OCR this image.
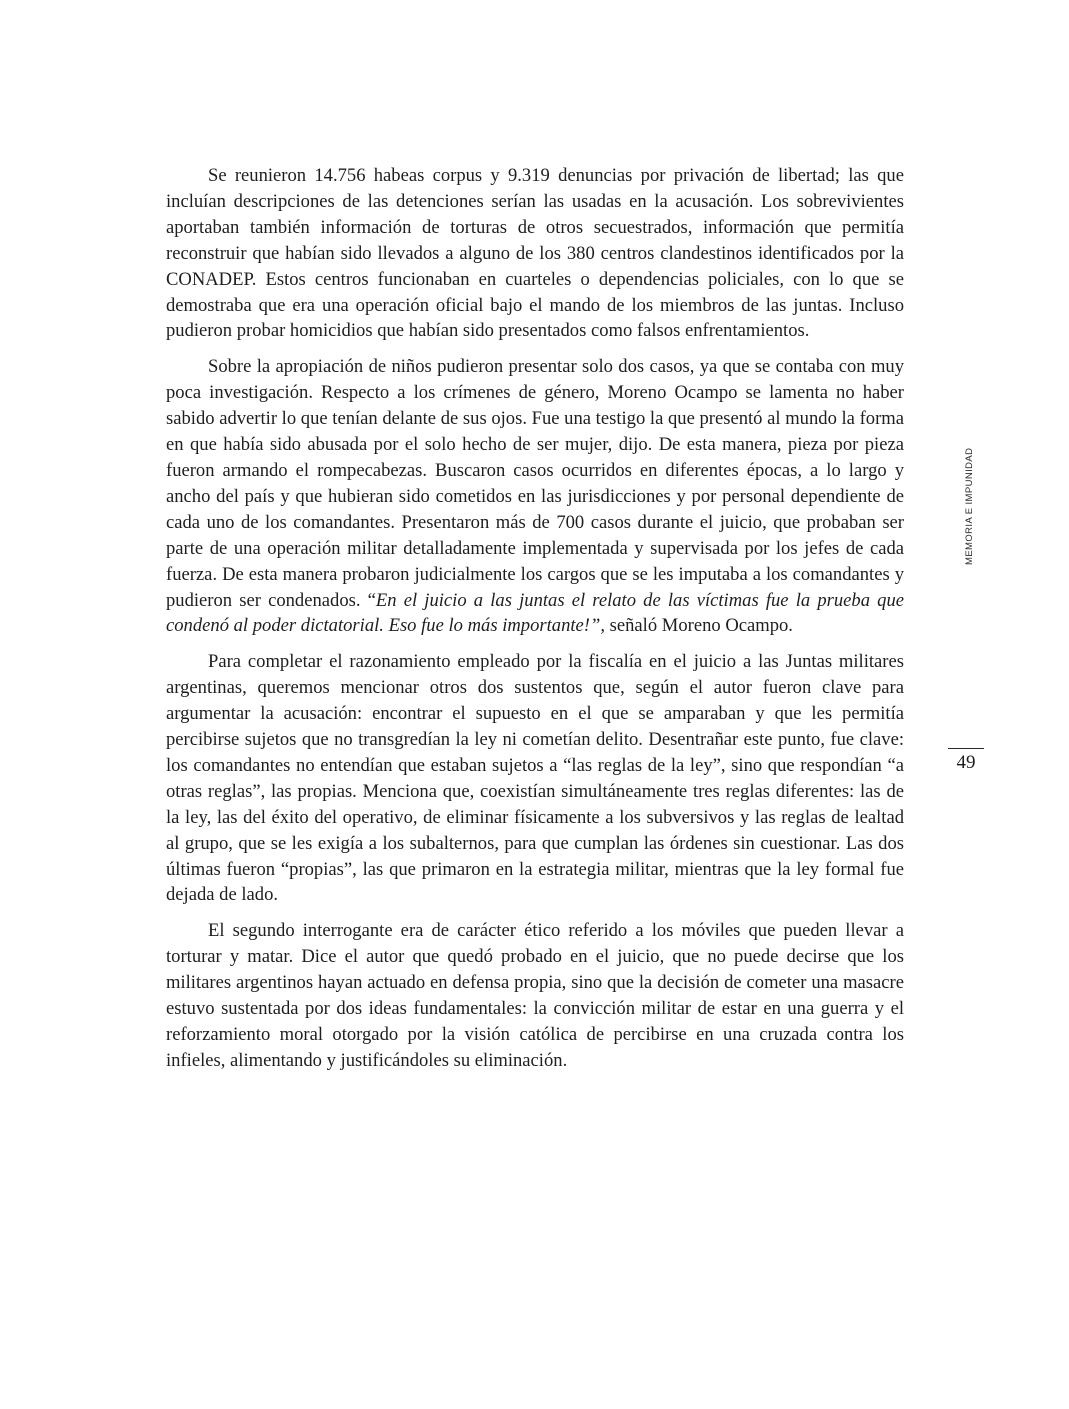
Se reunieron 14.756 habeas corpus y 9.319 denuncias por privación de libertad; las que incluían descripciones de las detenciones serían las usadas en la acusación. Los sobrevivientes aportaban también información de torturas de otros secuestrados, información que permitía reconstruir que habían sido llevados a alguno de los 380 centros clandestinos identificados por la CONADEP. Estos centros funcionaban en cuarteles o dependencias policiales, con lo que se demostraba que era una operación oficial bajo el mando de los miembros de las juntas. Incluso pudieron probar homicidios que habían sido presentados como falsos enfrentamientos.

Sobre la apropiación de niños pudieron presentar solo dos casos, ya que se contaba con muy poca investigación. Respecto a los crímenes de género, Moreno Ocampo se lamenta no haber sabido advertir lo que tenían delante de sus ojos. Fue una testigo la que presentó al mundo la forma en que había sido abusada por el solo hecho de ser mujer, dijo. De esta manera, pieza por pieza fueron armando el rompecabezas. Buscaron casos ocurridos en diferentes épocas, a lo largo y ancho del país y que hubieran sido cometidos en las jurisdicciones y por personal dependiente de cada uno de los comandantes. Presentaron más de 700 casos durante el juicio, que probaban ser parte de una operación militar detalladamente implementada y supervisada por los jefes de cada fuerza. De esta manera probaron judicialmente los cargos que se les imputaba a los comandantes y pudieron ser condenados. “En el juicio a las juntas el relato de las víctimas fue la prueba que condenó al poder dictatorial. Eso fue lo más importante!”, señaló Moreno Ocampo.

Para completar el razonamiento empleado por la fiscalía en el juicio a las Juntas militares argentinas, queremos mencionar otros dos sustentos que, según el autor fueron clave para argumentar la acusación: encontrar el supuesto en el que se amparaban y que les permitía percibirse sujetos que no transgredían la ley ni cometían delito. Desentrañar este punto, fue clave: los comandantes no entendían que estaban sujetos a “las reglas de la ley”, sino que respondían “a otras reglas”, las propias. Menciona que, coexistían simultáneamente tres reglas diferentes: las de la ley, las del éxito del operativo, de eliminar físicamente a los subversivos y las reglas de lealtad al grupo, que se les exigía a los subalternos, para que cumplan las órdenes sin cuestionar. Las dos últimas fueron “propias”, las que primaron en la estrategia militar, mientras que la ley formal fue dejada de lado.

El segundo interrogante era de carácter ético referido a los móviles que pueden llevar a torturar y matar. Dice el autor que quedó probado en el juicio, que no puede decirse que los militares argentinos hayan actuado en defensa propia, sino que la decisión de cometer una masacre estuvo sustentada por dos ideas fundamentales: la convicción militar de estar en una guerra y el reforzamiento moral otorgado por la visión católica de percibirse en una cruzada contra los infieles, alimentando y justificándoles su eliminación.

MEMORIA E IMPUNIDAD
49
